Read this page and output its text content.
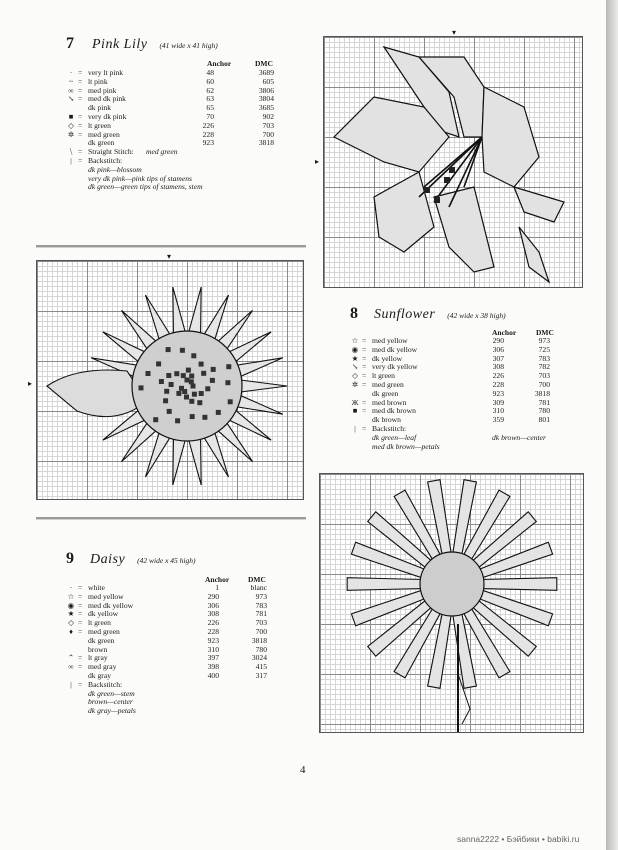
7 Pink Lily (41 wide x 41 high)
Anchor	DMC
· = very lt pink	48	3689
~ = lt pink	60	605
∞ = med pink	62	3806
↘ = med dk pink	63	3804
dk pink	65	3685
■ = very dk pink	70	902
◇ = lt green	226	703
✲ = med green	228	700
dk green	923	3818
⧹ = Straight Stitch: med green
| = Backstitch:
dk pink—blossom
very dk pink—pink tips of stamens
dk green—green tips of stamens, stem
▾
▸
▾
▸
8 Sunflower (42 wide x 38 high)
Anchor	DMC
☆ = med yellow	290	973
◉ = med dk yellow	306	725
★ = dk yellow	307	783
↘ = very dk yellow	308	782
◇ = lt green	226	703
✲ = med green	228	700
dk green	923	3818
Ж = med brown	309	781
■ = med dk brown	310	780
dk brown	359	801
| = Backstitch:
dk green—leaf	dk brown—center
med dk brown—petals
9 Daisy (42 wide x 45 high)
Anchor	DMC
· = white	1	blanc
☆ = med yellow	290	973
◉ = med dk yellow	306	783
★ = dk yellow	308	781
◇ = lt green	226	703
♦ = med green	228	700
dk green	923	3818
brown	310	780
⌃ = lt gray	397	3024
∞ = med gray	398	415
dk gray	400	317
| = Backstitch:
dk green—stem
brown—center
dk gray—petals
4
sanna2222 • Бэйбики • babiki.ru
